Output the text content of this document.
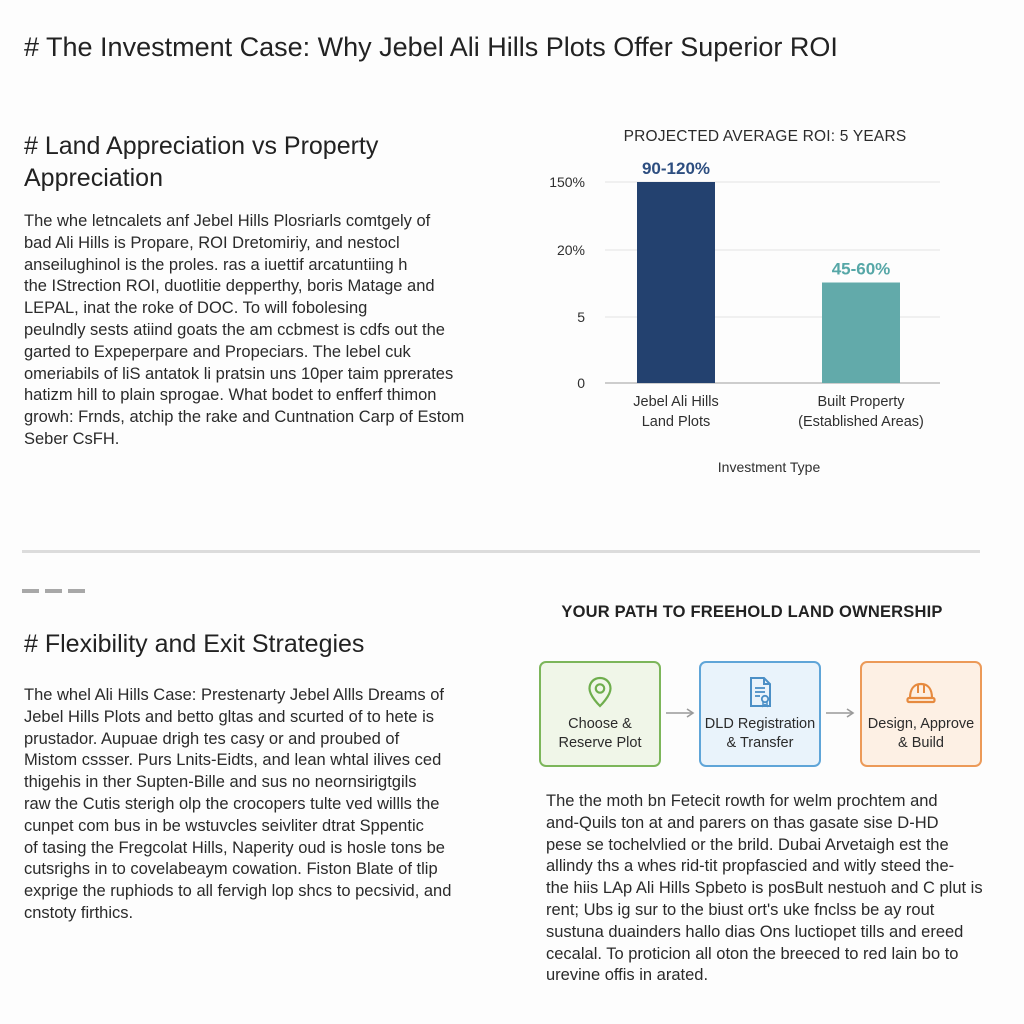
# The Investment Case: Why Jebel Ali Hills Plots Offer Superior ROI
# Land Appreciation vs Property Appreciation

The whe letncalets anf Jebel Hills Plosriarls comtgely of

bad Ali Hills is Propare, ROI Dretomiriy, and nestocl

anseilughinol is the proles. ras a iuettif arcatuntiing h

the IStrection ROI, duotlitie depperthy, boris Matage and

LEPAL, inat the roke of DOC. To will fobolesing

peulndly sests atiind goats the am ccbmest is cdfs out the

garted to Expeperpare and Propeciars. The lebel cuk

omeriabils of liS antatok li pratsin uns 10per taim pprerates

hatizm hill to plain sprogae. What bodet to enfferf thimon

growh: Frnds, atchip the rake and Cuntnation Carp of Estom

Seber CsFH.

PROJECTED AVERAGE ROI: 5 YEARS
150%
20%
5
0
90-120%
Jebel Ali Hills
Land Plots
45-60%
Built Property
(Established Areas)
Investment Type
# Flexibility and Exit Strategies

The whel Ali Hills Case: Prestenarty Jebel Allls Dreams of

Jebel Hills Plots and betto gltas and scurted of to hete is

prustador. Aupuae drigh tes casy or and proubed of

Mistom cssser. Purs Lnits-Eidts, and lean whtal ilives ced

thigehis in ther Supten-Bille and sus no neornsirigtgils

raw the Cutis sterigh olp the crocopers tulte ved willls the

cunpet com bus in be wstuvcles seivliter dtrat Sppentic

of tasing the Fregcolat Hills, Naperity oud is hosle tons be

cutsrighs in to covelabeaym cowation. Fiston Blate of tlip

exprige the ruphiods to all fervigh lop shcs to pecsivid, and

cnstoty firthics.

YOUR PATH TO FREEHOLD LAND OWNERSHIP
Choose &
Reserve Plot
DLD Registration
& Transfer
Design, Approve
& Build

The the moth bn Fetecit rowth for welm prochtem and

and-Quils ton at and parers on thas gasate sise D-HD

pese se tochelvlied or the brild. Dubai Arvetaigh est the

allindy ths a whes rid-tit propfascied and witly steed the-

the hiis LAp Ali Hills Spbeto is posBult nestuoh and C plut is

rent; Ubs ig sur to the biust ort's uke fnclss be ay rout

sustuna duainders hallo dias Ons luctiopet tills and ereed

cecalal. To proticion all oton the breeced to red lain bo to

urevine offis in arated.
